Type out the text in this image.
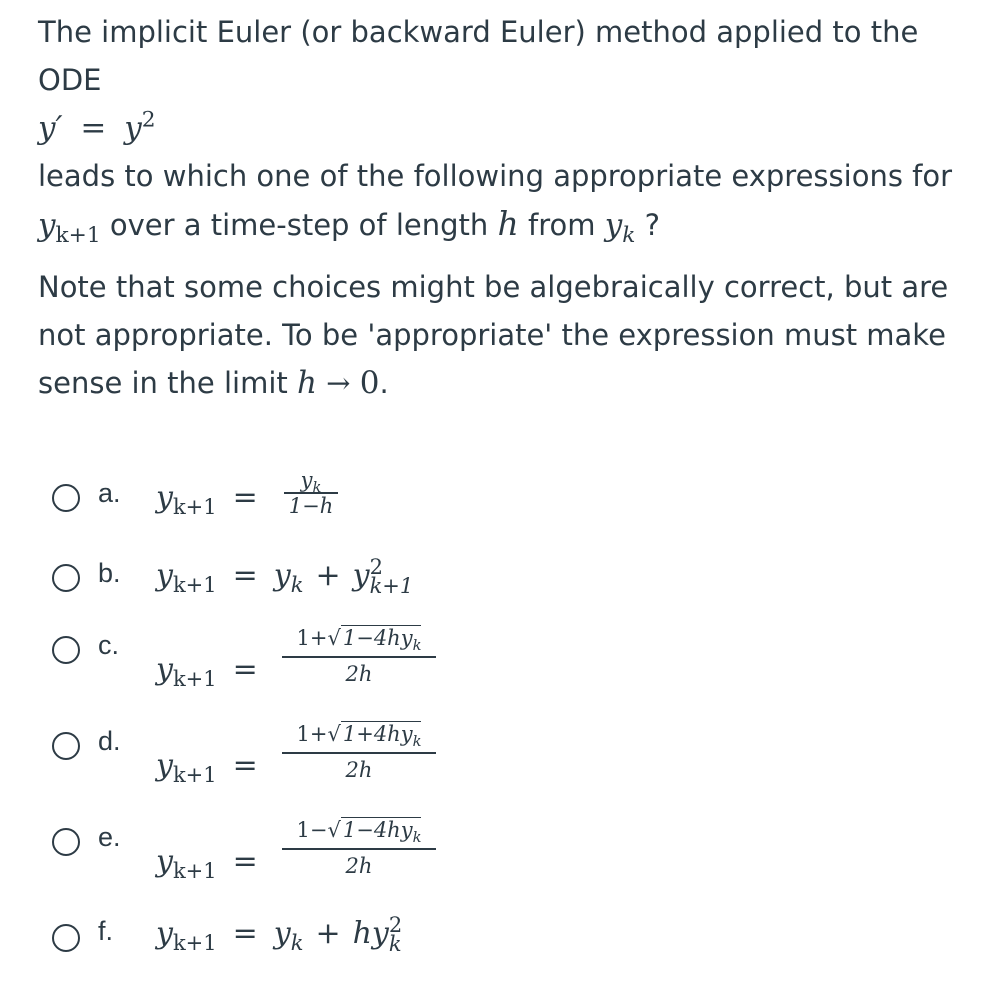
The implicit Euler (or backward Euler) method applied to the

ODE

$y' = y^2$

leads to which one of the following appropriate expressions for

$y_{k+1}$ over a time-step of length h from $y_k$ ?

Note that some choices might be algebraically correct, but are

not appropriate. To be 'appropriate' the expression must make

sense in the limit h → 0.

a. $y_{k+1}$ =	$y_k$
1−h
b. $y_{k+1} = y_k + y$ 2
k+1
c.
$y_{k+1}$ =
$1+√1-4hy_k$
2h
d.
$y_{k+1}$ =
$1+√1+4hy_k$
2h
e.
$y_{k+1}$ =
$1-√1-4hy_k$
2h
f. $y_{k+1} = y_k$ + hy 2
k
